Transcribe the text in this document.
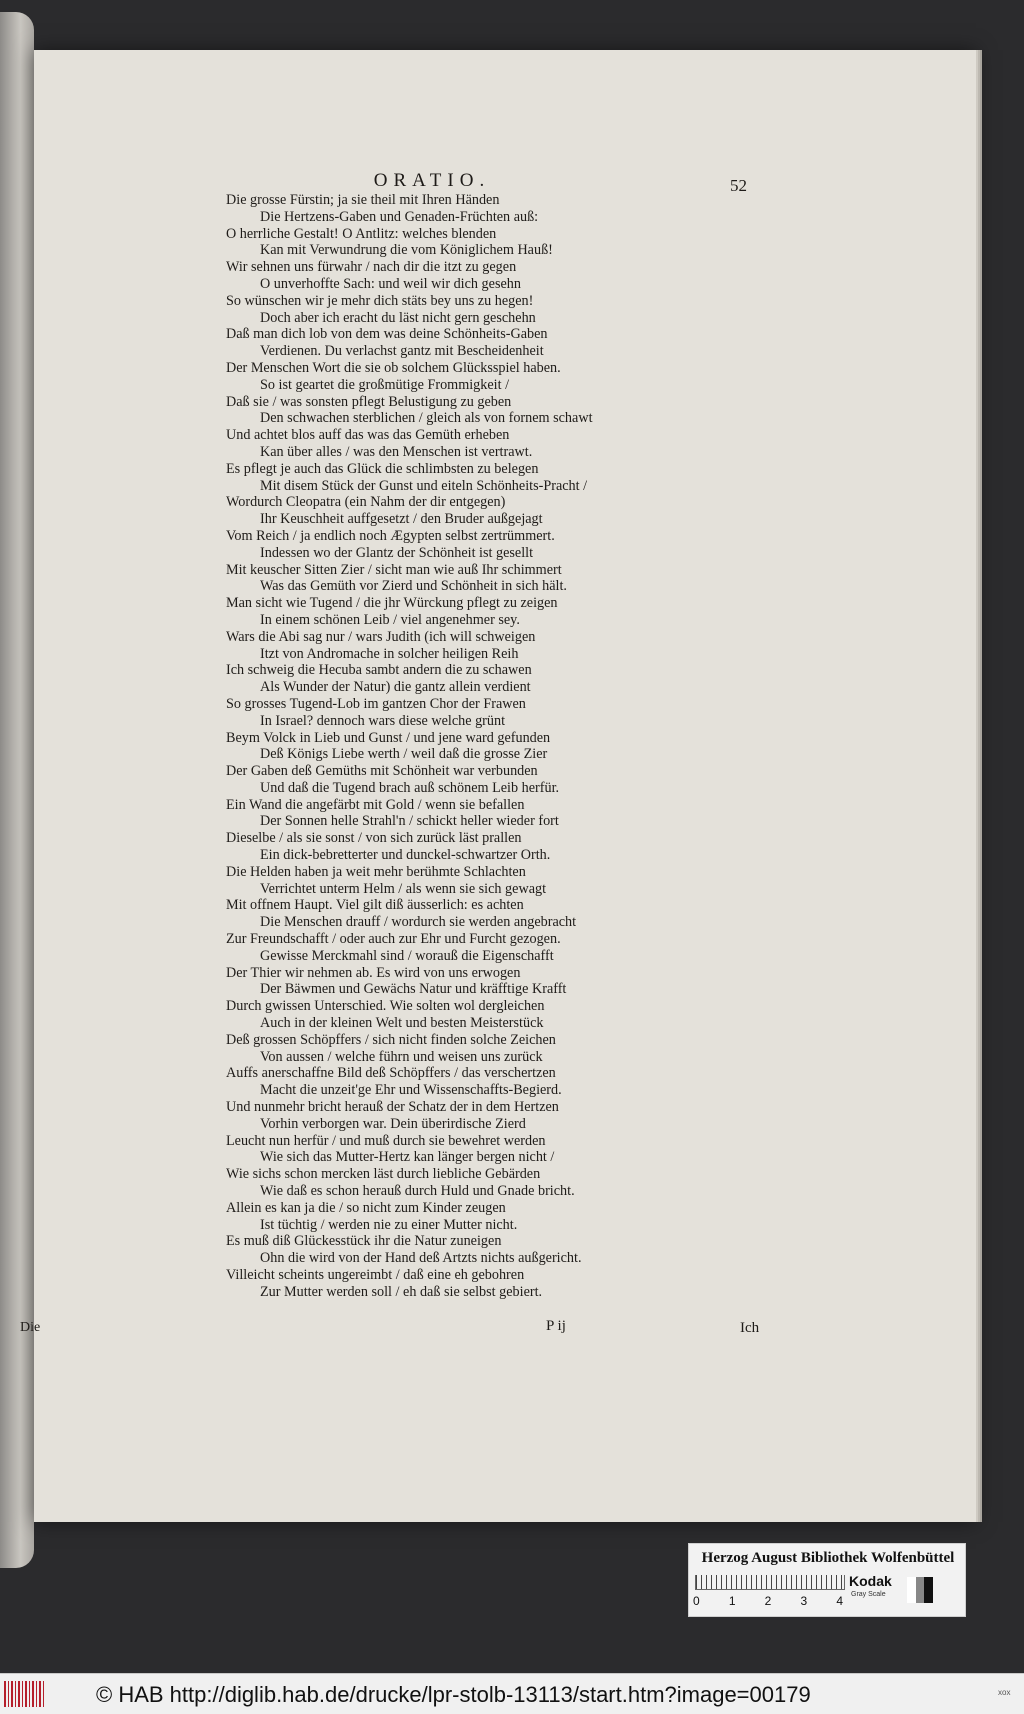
ORATIO.	52
Die grosse Fürstin; ja sie theil mit Ihren Händen
Die Hertzens-Gaben und Genaden-Früchten auß:
O herrliche Gestalt! O Antlitz: welches blenden
Kan mit Verwundrung die vom Königlichem Hauß!
Wir sehnen uns fürwahr / nach dir die itzt zu gegen
O unverhoffte Sach: und weil wir dich gesehn
So wünschen wir je mehr dich stäts bey uns zu hegen!
Doch aber ich eracht du läst nicht gern geschehn
Daß man dich lob von dem was deine Schönheits-Gaben
Verdienen. Du verlachst gantz mit Bescheidenheit
Der Menschen Wort die sie ob solchem Glücksspiel haben.
So ist geartet die großmütige Frommigkeit /
Daß sie / was sonsten pflegt Belustigung zu geben
Den schwachen sterblichen / gleich als von fornem schawt
Und achtet blos auff das was das Gemüth erheben
Kan über alles / was den Menschen ist vertrawt.
Es pflegt je auch das Glück die schlimbsten zu belegen
Mit disem Stück der Gunst und eiteln Schönheits-Pracht /
Wordurch Cleopatra (ein Nahm der dir entgegen)
Ihr Keuschheit auffgesetzt / den Bruder außgejagt
Vom Reich / ja endlich noch Ægypten selbst zertrümmert.
Indessen wo der Glantz der Schönheit ist gesellt
Mit keuscher Sitten Zier / sicht man wie auß Ihr schimmert
Was das Gemüth vor Zierd und Schönheit in sich hält.
Man sicht wie Tugend / die jhr Würckung pflegt zu zeigen
In einem schönen Leib / viel angenehmer sey.
Wars die Abi sag nur / wars Judith (ich will schweigen
Itzt von Andromache in solcher heiligen Reih
Ich schweig die Hecuba sambt andern die zu schawen
Als Wunder der Natur) die gantz allein verdient
So grosses Tugend-Lob im gantzen Chor der Frawen
In Israel? dennoch wars diese welche grünt
Beym Volck in Lieb und Gunst / und jene ward gefunden
Deß Königs Liebe werth / weil daß die grosse Zier
Der Gaben deß Gemüths mit Schönheit war verbunden
Und daß die Tugend brach auß schönem Leib herfür.
Ein Wand die angefärbt mit Gold / wenn sie befallen
Der Sonnen helle Strahl'n / schickt heller wieder fort
Dieselbe / als sie sonst / von sich zurück läst prallen
Ein dick-bebretterter und dunckel-schwartzer Orth.
Die Helden haben ja weit mehr berühmte Schlachten
Verrichtet unterm Helm / als wenn sie sich gewagt
Mit offnem Haupt. Viel gilt diß äusserlich: es achten
Die Menschen drauff / wordurch sie werden angebracht
Zur Freundschafft / oder auch zur Ehr und Furcht gezogen.
Gewisse Merckmahl sind / worauß die Eigenschafft
Der Thier wir nehmen ab. Es wird von uns erwogen
Der Bäwmen und Gewächs Natur und kräfftige Krafft
Durch gwissen Unterschied. Wie solten wol dergleichen
Auch in der kleinen Welt und besten Meisterstück
Deß grossen Schöpffers / sich nicht finden solche Zeichen
Von aussen / welche führn und weisen uns zurück
Auffs anerschaffne Bild deß Schöpffers / das verschertzen
Macht die unzeit'ge Ehr und Wissenschaffts-Begierd.
Und nunmehr bricht herauß der Schatz der in dem Hertzen
Vorhin verborgen war. Dein überirdische Zierd
Leucht nun herfür / und muß durch sie bewehret werden
Wie sich das Mutter-Hertz kan länger bergen nicht /
Wie sichs schon mercken läst durch liebliche Gebärden
Wie daß es schon herauß durch Huld und Gnade bricht.
Allein es kan ja die / so nicht zum Kinder zeugen
Ist tüchtig / werden nie zu einer Mutter nicht.
Es muß diß Glückesstück ihr die Natur zuneigen
Ohn die wird von der Hand deß Artzts nichts außgericht.
Villeicht scheints ungereimbt / daß eine eh gebohren
Zur Mutter werden soll / eh daß sie selbst gebiert.
Die	P ij	Ich
Herzog August Bibliothek Wolfenbüttel
0 1 2 3 4
Kodak
Gray Scale
© HAB http://diglib.hab.de/drucke/lpr-stolb-13113/start.htm?image=00179	xox
